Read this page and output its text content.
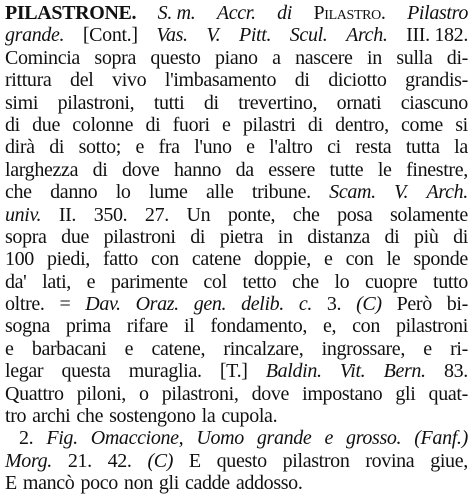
PILASTRONE. S. m. Accr. di Pilastro. Pilastro
grande. [Cont.] Vas. V. Pitt. Scul. Arch. III. 182.
Comincia sopra questo piano a nascere in sulla di-
rittura del vivo l'imbasamento di diciotto grandis-
simi pilastroni, tutti di trevertino, ornati ciascuno
di due colonne di fuori e pilastri di dentro, come si
dirà di sotto; e fra l'uno e l'altro ci resta tutta la
larghezza di dove hanno da essere tutte le finestre,
che danno lo lume alle tribune. Scam. V. Arch.
univ. II. 350. 27. Un ponte, che posa solamente
sopra due pilastroni di pietra in distanza di più di
100 piedi, fatto con catene doppie, e con le sponde
da' lati, e parimente col tetto che lo cuopre tutto
oltre. = Dav. Oraz. gen. delib. c. 3. (C) Però bi-
sogna prima rifare il fondamento, e, con pilastroni
e barbacani e catene, rincalzare, ingrossare, e ri-
legar questa muraglia. [T.] Baldin. Vit. Bern. 83.
Quattro piloni, o pilastroni, dove impostano gli quat-
tro archi che sostengono la cupola.
2. Fig. Omaccione, Uomo grande e grosso. (Fanf.)
Morg. 21. 42. (C) E questo pilastron rovina giue,
E mancò poco non gli cadde addosso.
